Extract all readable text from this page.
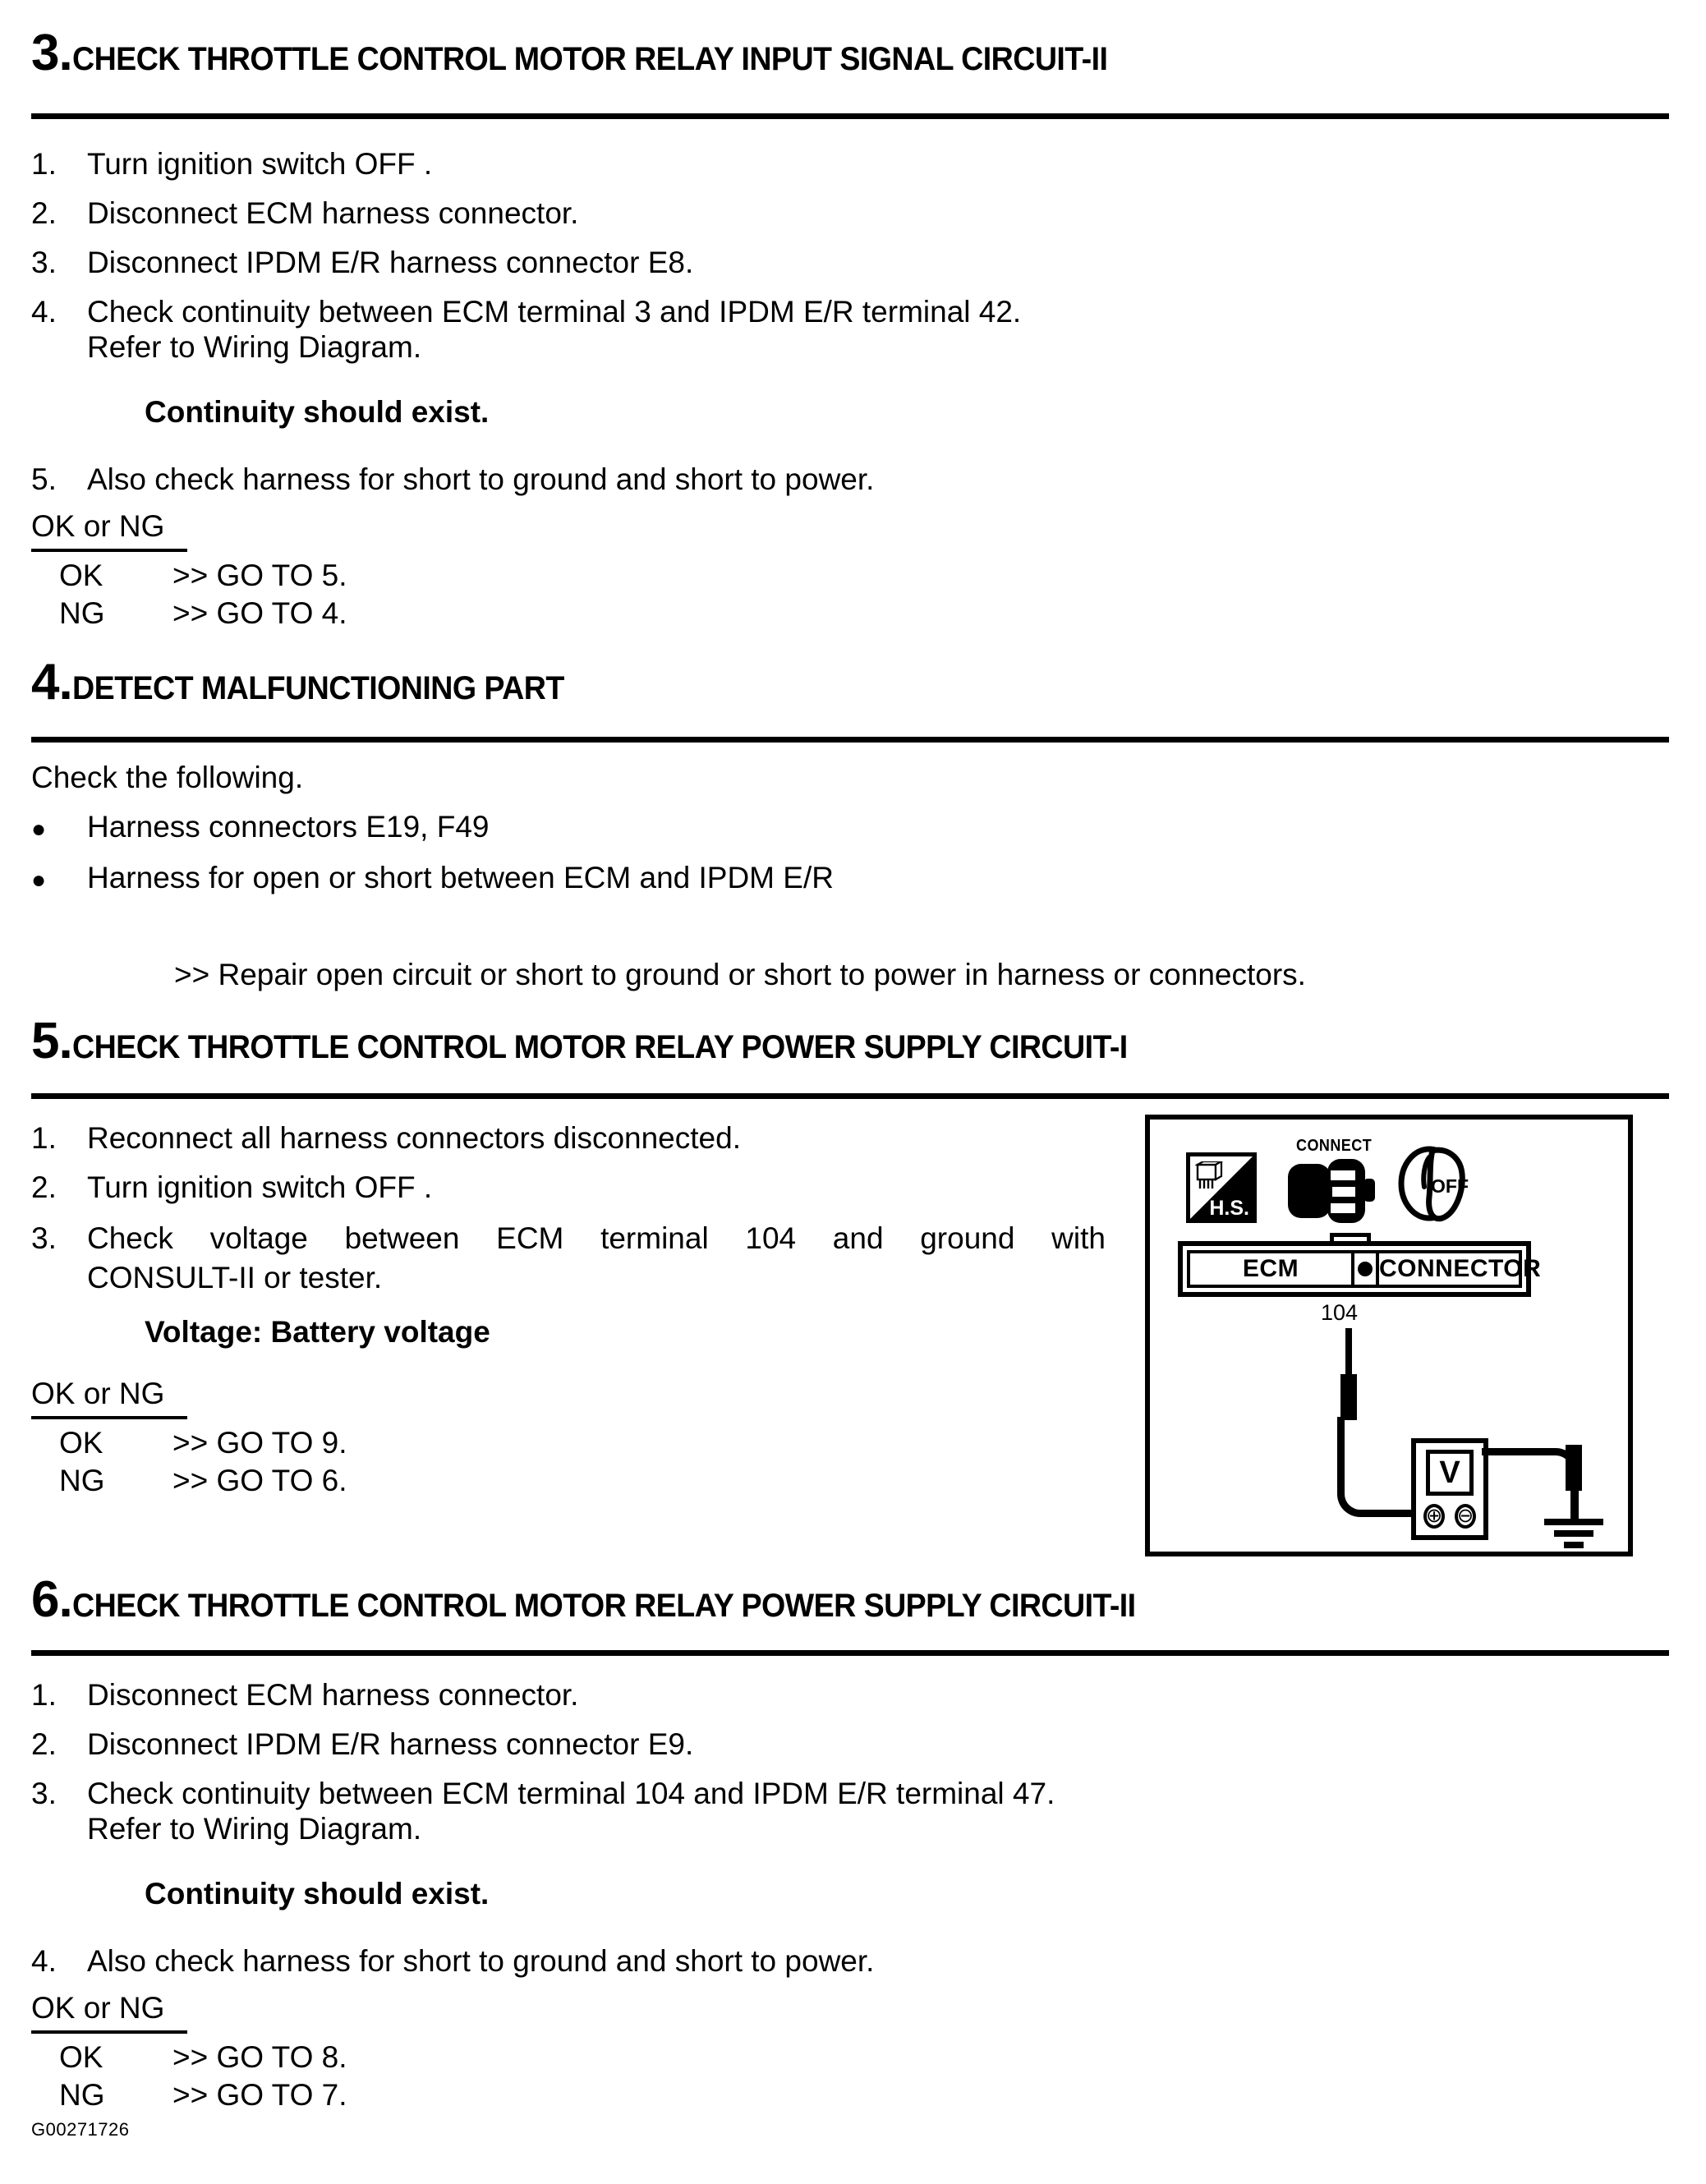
3. CHECK THROTTLE CONTROL MOTOR RELAY INPUT SIGNAL CIRCUIT-II
1.	Turn ignition switch OFF .
2.	Disconnect ECM harness connector.
3.	Disconnect IPDM E/R harness connector E8.
4.	Check continuity between ECM terminal 3 and IPDM E/R terminal 42.
Refer to Wiring Diagram.
Continuity should exist.
5.	Also check harness for short to ground and short to power.
OK or NG
OK	>> GO TO 5.
NG	>> GO TO 4.
4. DETECT MALFUNCTIONING PART
Check the following.
●	Harness connectors E19, F49
●	Harness for open or short between ECM and IPDM E/R
>> Repair open circuit or short to ground or short to power in harness or connectors.
5. CHECK THROTTLE CONTROL MOTOR RELAY POWER SUPPLY CIRCUIT-I
1.	Reconnect all harness connectors disconnected.
2.	Turn ignition switch OFF .
3.	Check voltage between ECM terminal 104 and ground with
CONSULT-II or tester.
Voltage: Battery voltage
OK or NG
OK	>> GO TO 9.
NG	>> GO TO 6.
H.S.
CONNECT
OFF
ECM	CONNECTOR
104
V
⊕ ⊖
6. CHECK THROTTLE CONTROL MOTOR RELAY POWER SUPPLY CIRCUIT-II
1.	Disconnect ECM harness connector.
2.	Disconnect IPDM E/R harness connector E9.
3.	Check continuity between ECM terminal 104 and IPDM E/R terminal 47.
Refer to Wiring Diagram.
Continuity should exist.
4.	Also check harness for short to ground and short to power.
OK or NG
OK	>> GO TO 8.
NG	>> GO TO 7.
G00271726
